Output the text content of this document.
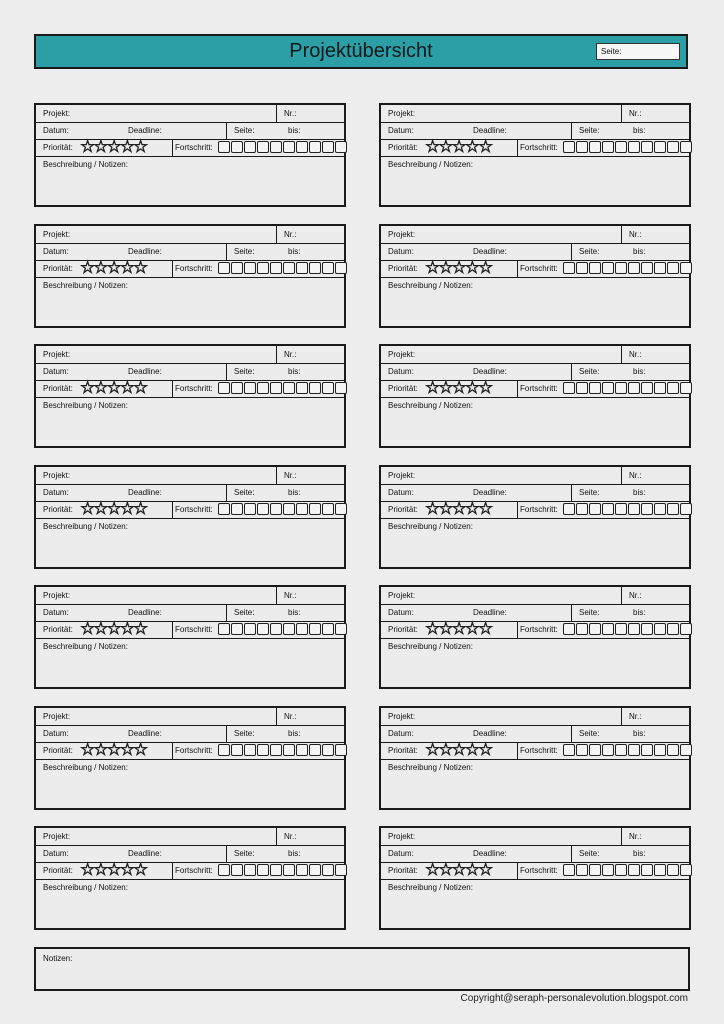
Projektübersicht	Seite:
Projekt:	Nr.:
Datum:	Deadline:	Seite:	bis:
Priorität: ☆
☆
☆
☆
☆	Fortschritt:
Beschreibung / Notizen:
Projekt:	Nr.:
Datum:	Deadline:	Seite:	bis:
Priorität: ☆
☆
☆
☆
☆	Fortschritt:
Beschreibung / Notizen:
Projekt:	Nr.:
Datum:	Deadline:	Seite:	bis:
Priorität: ☆
☆
☆
☆
☆	Fortschritt:
Beschreibung / Notizen:
Projekt:	Nr.:
Datum:	Deadline:	Seite:	bis:
Priorität: ☆
☆
☆
☆
☆	Fortschritt:
Beschreibung / Notizen:
Projekt:	Nr.:
Datum:	Deadline:	Seite:	bis:
Priorität: ☆
☆
☆
☆
☆	Fortschritt:
Beschreibung / Notizen:
Projekt:	Nr.:
Datum:	Deadline:	Seite:	bis:
Priorität: ☆
☆
☆
☆
☆	Fortschritt:
Beschreibung / Notizen:
Projekt:	Nr.:
Datum:	Deadline:	Seite:	bis:
Priorität: ☆
☆
☆
☆
☆	Fortschritt:
Beschreibung / Notizen:
Projekt:	Nr.:
Datum:	Deadline:	Seite:	bis:
Priorität: ☆
☆
☆
☆
☆	Fortschritt:
Beschreibung / Notizen:
Projekt:	Nr.:
Datum:	Deadline:	Seite:	bis:
Priorität: ☆
☆
☆
☆
☆	Fortschritt:
Beschreibung / Notizen:
Projekt:	Nr.:
Datum:	Deadline:	Seite:	bis:
Priorität: ☆
☆
☆
☆
☆	Fortschritt:
Beschreibung / Notizen:
Projekt:	Nr.:
Datum:	Deadline:	Seite:	bis:
Priorität: ☆
☆
☆
☆
☆	Fortschritt:
Beschreibung / Notizen:
Projekt:	Nr.:
Datum:	Deadline:	Seite:	bis:
Priorität: ☆
☆
☆
☆
☆	Fortschritt:
Beschreibung / Notizen:
Projekt:	Nr.:
Datum:	Deadline:	Seite:	bis:
Priorität: ☆
☆
☆
☆
☆	Fortschritt:
Beschreibung / Notizen:
Projekt:	Nr.:
Datum:	Deadline:	Seite:	bis:
Priorität: ☆
☆
☆
☆
☆	Fortschritt:
Beschreibung / Notizen:
Notizen:
Copyright@seraph-personalevolution.blogspot.com
